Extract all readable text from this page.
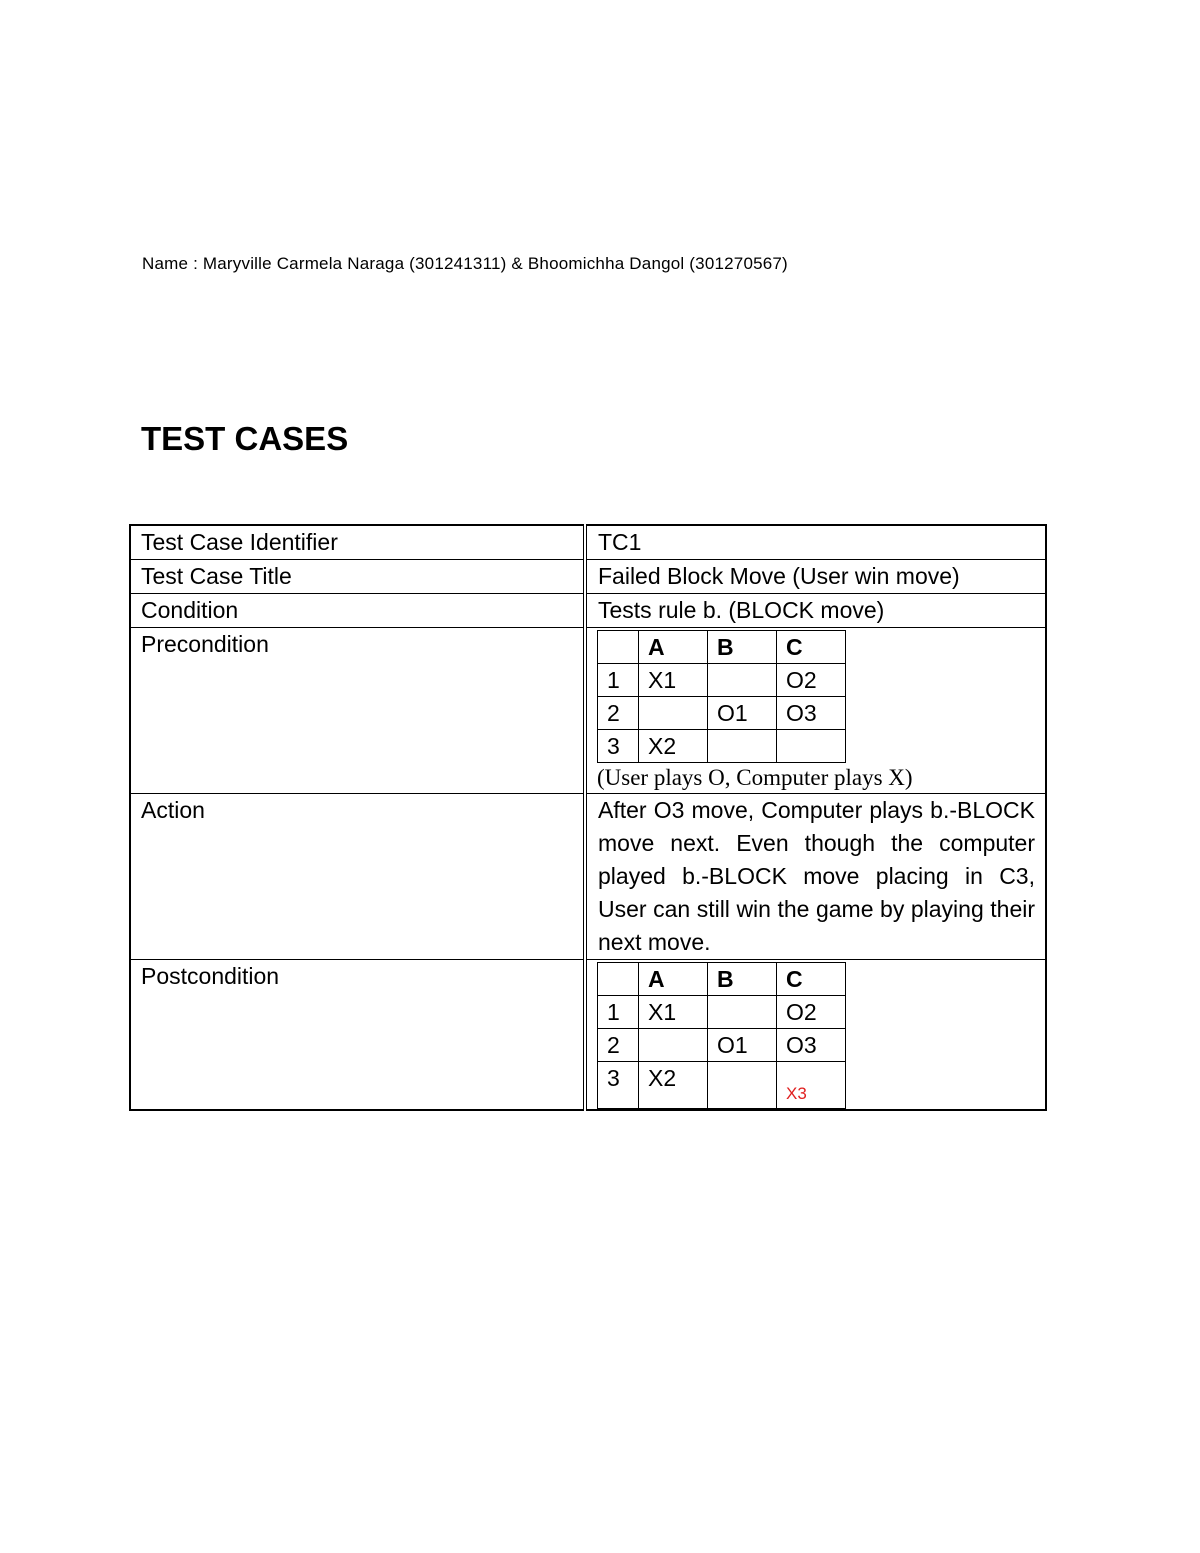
Name : Maryville Carmela Naraga (301241311) & Bhoomichha Dangol (301270567)
TEST CASES
Test Case Identifier	TC1
Test Case Title	Failed Block Move (User win move)
Condition	Tests rule b. (BLOCK move)
Precondition	
		A	B	C
1	X1		O2
2		O1	O3
3	X2		
(User plays O, Computer plays X)

Action	After O3 move, Computer plays b.-BLOCK move next. Even though the computer played b.-BLOCK move placing in C3, User can still win the game by playing their next move.
Postcondition	
		A	B	C
1	X1		O2
2		O1	O3
3	X2		X3
